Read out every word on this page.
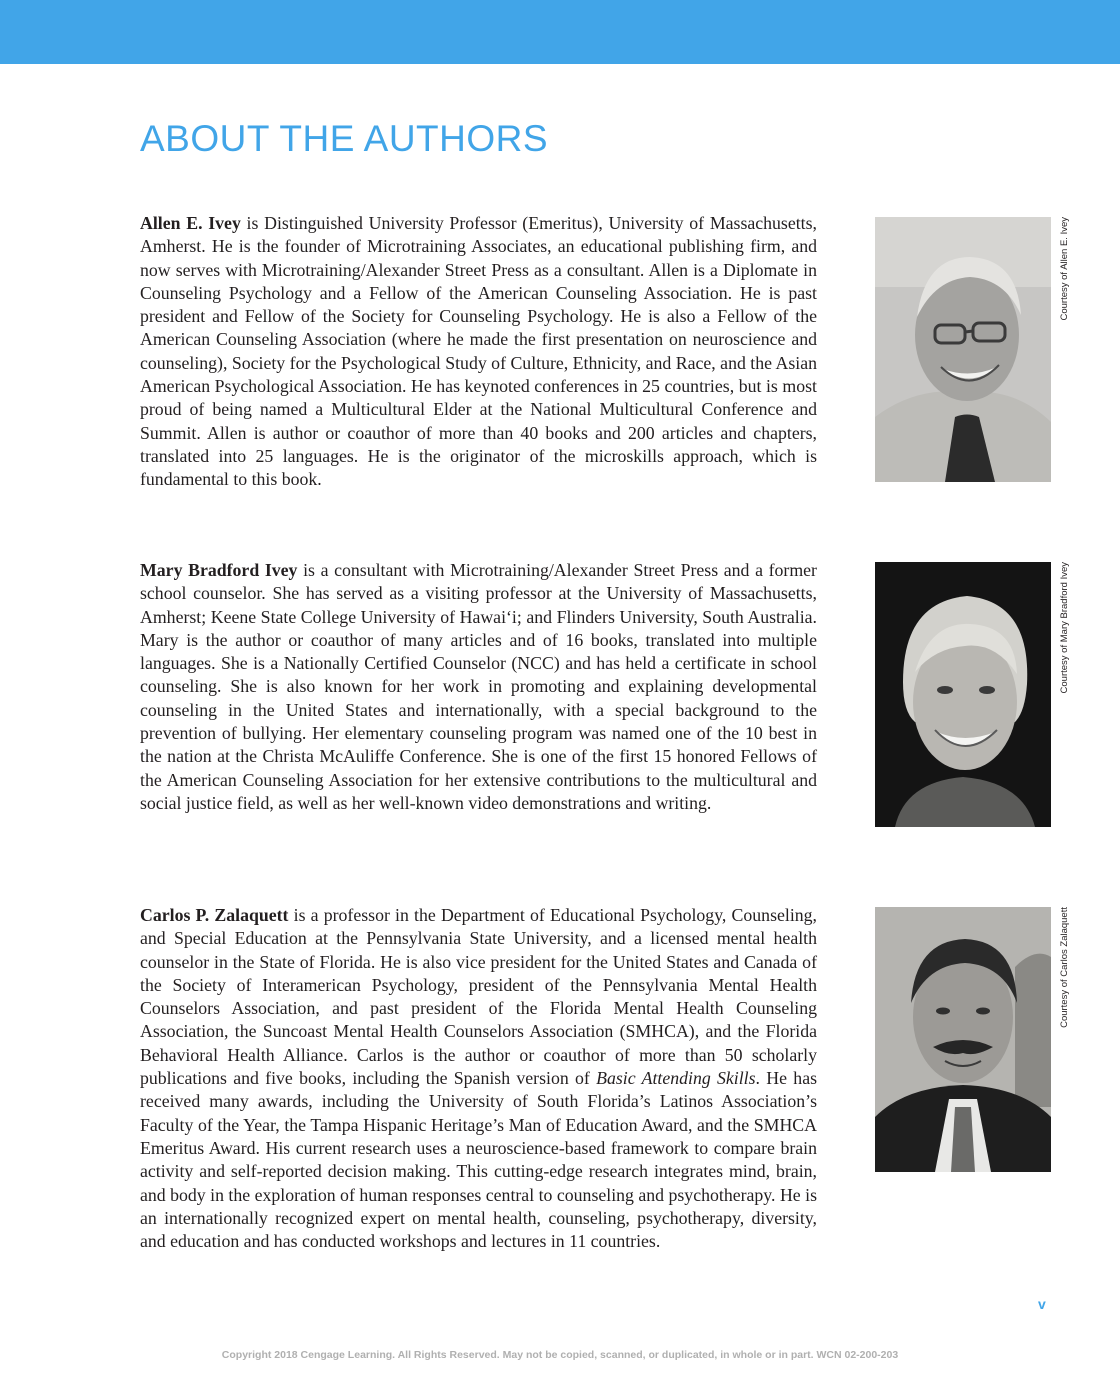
ABOUT THE AUTHORS

Allen E. Ivey is Distinguished University Professor (Emeritus), University of Massachusetts, Amherst. He is the founder of Microtraining Associates, an educational publishing firm, and now serves with Microtraining/Alexander Street Press as a consultant. Allen is a Diplomate in Counseling Psychology and a Fellow of the American Counseling Association. He is past president and Fellow of the Society for Counseling Psychology. He is also a Fellow of the American Counseling Association (where he made the first presentation on neuroscience and counseling), Society for the Psychological Study of Culture, Ethnicity, and Race, and the Asian American Psychological Association. He has keynoted conferences in 25 countries, but is most proud of being named a Multicultural Elder at the National Multicultural Conference and Summit. Allen is author or coauthor of more than 40 books and 200 articles and chapters, translated into 25 languages. He is the originator of the microskills approach, which is fundamental to this book.

Courtesy of Allen E. Ivey

Mary Bradford Ivey is a consultant with Microtraining/Alexander Street Press and a former school counselor. She has served as a visiting professor at the University of Massachusetts, Amherst; Keene State College University of Hawai‘i; and Flinders University, South Australia. Mary is the author or coauthor of many articles and of 16 books, translated into multiple languages. She is a Nationally Certified Counselor (NCC) and has held a certificate in school counseling. She is also known for her work in promoting and explaining developmental counseling in the United States and internationally, with a special background to the prevention of bullying. Her elementary counseling program was named one of the 10 best in the nation at the Christa McAuliffe Conference. She is one of the first 15 honored Fellows of the American Counseling Association for her extensive contributions to the multicultural and social justice field, as well as her well-known video demonstrations and writing.

Courtesy of Mary Bradford Ivey

Carlos P. Zalaquett is a professor in the Department of Educational Psychology, Counseling, and Special Education at the Pennsylvania State University, and a licensed mental health counselor in the State of Florida. He is also vice president for the United States and Canada of the Society of Interamerican Psychology, president of the Pennsylvania Mental Health Counselors Association, and past president of the Florida Mental Health Counseling Association, the Suncoast Mental Health Counselors Association (SMHCA), and the Florida Behavioral Health Alliance. Carlos is the author or coauthor of more than 50 scholarly publications and five books, including the Spanish version of Basic Attending Skills. He has received many awards, including the University of South Florida’s Latinos Association’s Faculty of the Year, the Tampa Hispanic Heritage’s Man of Education Award, and the SMHCA Emeritus Award. His current research uses a neuroscience-based framework to compare brain activity and self-reported decision making. This cutting-edge research integrates mind, brain, and body in the exploration of human responses central to counseling and psychotherapy. He is an internationally recognized expert on mental health, counseling, psychotherapy, diversity, and education and has conducted workshops and lectures in 11 countries.

Courtesy of Carlos Zalaquett
v
Copyright 2018 Cengage Learning. All Rights Reserved. May not be copied, scanned, or duplicated, in whole or in part. WCN 02-200-203
